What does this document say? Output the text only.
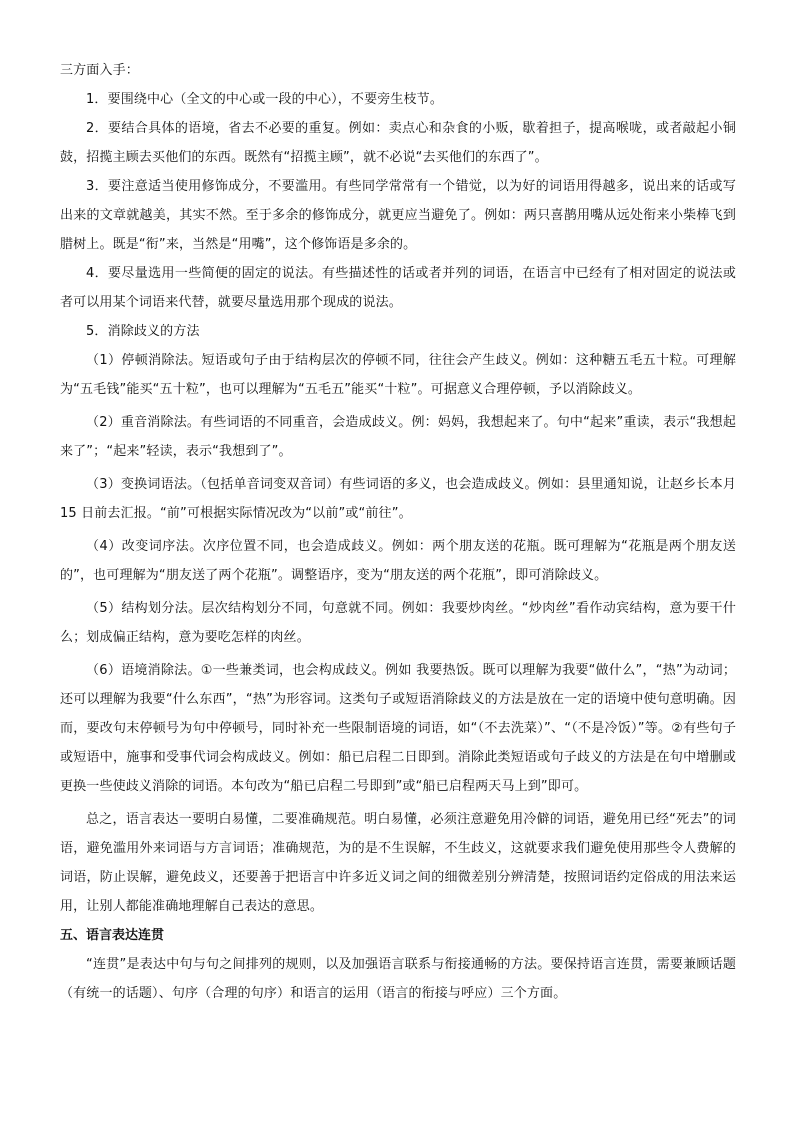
三方面入手：

1．要围绕中心（全文的中心或一段的中心），不要旁生枝节。

2．要结合具体的语境，省去不必要的重复。例如：卖点心和杂食的小贩，歇着担子，提高喉咙，或者敲起小铜鼓，招揽主顾去买他们的东西。既然有“招揽主顾”，就不必说“去买他们的东西了”。

3．要注意适当使用修饰成分，不要滥用。有些同学常常有一个错觉，以为好的词语用得越多，说出来的话或写出来的文章就越美，其实不然。至于多余的修饰成分，就更应当避免了。例如：两只喜鹊用嘴从远处衔来小柴棒飞到腊树上。既是“衔”来，当然是“用嘴”，这个修饰语是多余的。

4．要尽量选用一些简便的固定的说法。有些描述性的话或者并列的词语，在语言中已经有了相对固定的说法或者可以用某个词语来代替，就要尽量选用那个现成的说法。

5．消除歧义的方法

（1）停顿消除法。短语或句子由于结构层次的停顿不同，往往会产生歧义。例如：这种糖五毛五十粒。可理解为“五毛钱”能买“五十粒”，也可以理解为“五毛五”能买“十粒”。可据意义合理停顿，予以消除歧义。

（2）重音消除法。有些词语的不同重音，会造成歧义。例：妈妈，我想起来了。句中“起来”重读，表示“我想起来了”；“起来”轻读，表示“我想到了”。

（3）变换词语法。（包括单音词变双音词）有些词语的多义，也会造成歧义。例如：县里通知说，让赵乡长本月 15 日前去汇报。“前”可根据实际情况改为“以前”或“前往”。

（4）改变词序法。次序位置不同，也会造成歧义。例如：两个朋友送的花瓶。既可理解为“花瓶是两个朋友送的”，也可理解为“朋友送了两个花瓶”。调整语序，变为“朋友送的两个花瓶”，即可消除歧义。

（5）结构划分法。层次结构划分不同，句意就不同。例如：我要炒肉丝。“炒肉丝”看作动宾结构，意为要干什么；划成偏正结构，意为要吃怎样的肉丝。

（6）语境消除法。①一些兼类词，也会构成歧义。例如 我要热饭。既可以理解为我要“做什么”，“热”为动词；还可以理解为我要“什么东西”，“热”为形容词。这类句子或短语消除歧义的方法是放在一定的语境中使句意明确。因而，要改句末停顿号为句中停顿号，同时补充一些限制语境的词语，如“（不去洗菜）”、“（不是冷饭）”等。②有些句子或短语中，施事和受事代词会构成歧义。例如：船已启程二日即到。消除此类短语或句子歧义的方法是在句中增删或更换一些使歧义消除的词语。本句改为“船已启程二号即到”或“船已启程两天马上到”即可。

总之，语言表达一要明白易懂，二要准确规范。明白易懂，必须注意避免用冷僻的词语，避免用已经“死去”的词语，避免滥用外来词语与方言词语；准确规范，为的是不生误解，不生歧义，这就要求我们避免使用那些令人费解的词语，防止误解，避免歧义，还要善于把语言中许多近义词之间的细微差别分辨清楚，按照词语约定俗成的用法来运用，让别人都能准确地理解自己表达的意思。

五、语言表达连贯

“连贯”是表达中句与句之间排列的规则，以及加强语言联系与衔接通畅的方法。要保持语言连贯，需要兼顾话题（有统一的话题）、句序（合理的句序）和语言的运用（语言的衔接与呼应）三个方面。
